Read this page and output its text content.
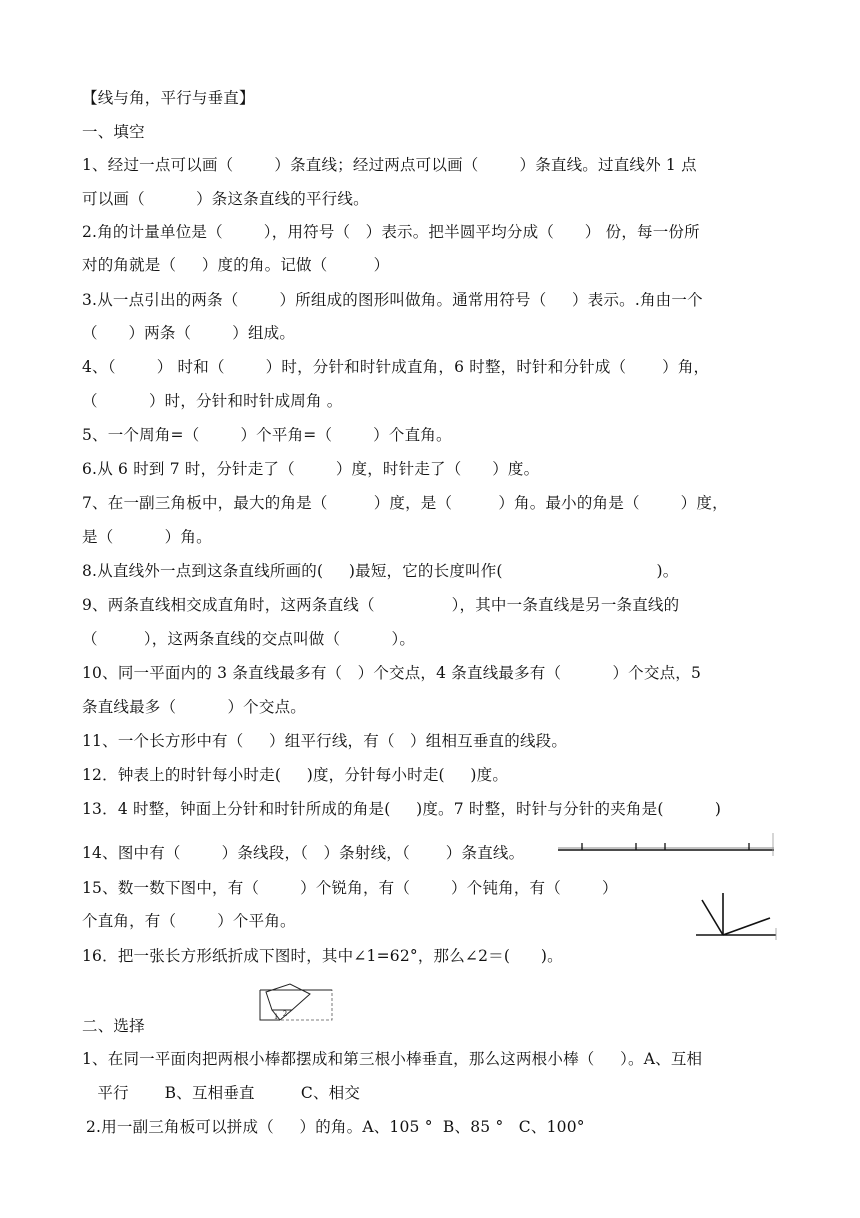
【线与角，平行与垂直】
一、填空
1、经过一点可以画（        ）条直线；经过两点可以画（        ）条直线。过直线外 1 点
可以画（          ）条这条直线的平行线。
2.角的计量单位是（        ），用符号（   ）表示。把半圆平均分成（      ） 份，每一份所
对的角就是（     ）度的角。记做（         ）
3.从一点引出的两条（        ）所组成的图形叫做角。通常用符号（     ）表示。.角由一个
（      ）两条（        ）组成。
4、（        ） 时和（        ）时，分针和时针成直角，6 时整，时针和分针成（       ）角，
（          ）时，分针和时针成周角 。
5、一个周角=（        ）个平角=（        ）个直角。
6.从 6 时到 7 时，分针走了（        ）度，时针走了（      ）度。
7、在一副三角板中，最大的角是（         ）度，是（         ）角。最小的角是（        ）度，
是（          ）角。
8.从直线外一点到这条直线所画的(     )最短，它的长度叫作(                              )。
9、两条直线相交成直角时，这两条直线（               ），其中一条直线是另一条直线的
（         ），这两条直线的交点叫做（          ）。
10、同一平面内的 3 条直线最多有（   ）个交点，4 条直线最多有（          ）个交点，5
条直线最多（          ）个交点。
11、一个长方形中有（     ）组平行线，有（   ）组相互垂直的线段。
12．钟表上的时针每小时走(     )度，分针每小时走(     )度。
13．4 时整，钟面上分针和时针所成的角是(     )度。7 时整，时针与分针的夹角是(          )
14、图中有（        ）条线段，（   ）条射线，（       ）条直线。
15、数一数下图中，有（        ）个锐角，有（        ）个钝角，有（        ）
个直角，有（        ）个平角。
16．把一张长方形纸折成下图时，其中∠1=62°，那么∠2＝(      )。
1 2
二、选择
1、在同一平面肉把两根小棒都摆成和第三根小棒垂直，那么这两根小棒（     ）。A、互相
平行       B、互相垂直         C、相交
2.用一副三角板可以拼成（     ）的角。A、105 °  B、85 °   C、100°
